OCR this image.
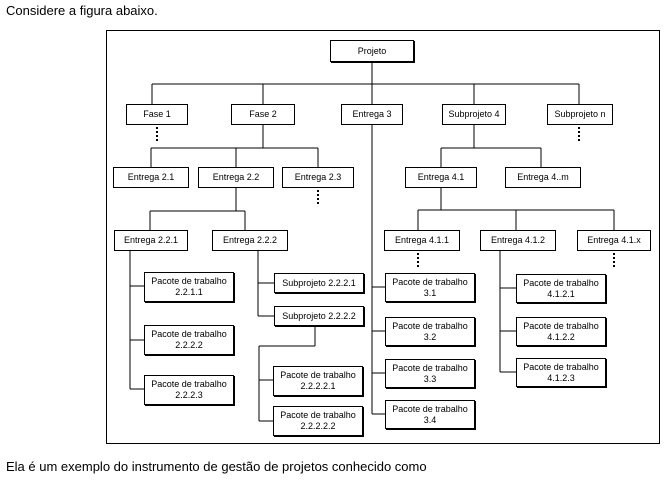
Considere a figura abaixo.
Projeto
Fase 1	Fase 2	Entrega 3	Subprojeto 4	Subprojeto n
Entrega 2.1	Entrega 2.2	Entrega 2.3
Entrega 2.2.1	Entrega 2.2.2
Pacote de trabalho
2.2.1.1
Pacote de trabalho
2.2.2.2
Pacote de trabalho
2.2.2.3
Subprojeto 2.2.2.1
Subprojeto 2.2.2.2
Pacote de trabalho
2.2.2.2.1
Pacote de trabalho
2.2.2.2.2
Pacote de trabalho
3.1
Pacote de trabalho
3.2
Pacote de trabalho
3.3
Pacote de trabalho
3.4
Entrega 4.1	Entrega 4..m
Entrega 4.1.1	Entrega 4.1.2	Entrega 4.1.x
Pacote de trabalho
4.1.2.1
Pacote de trabalho
4.1.2.2
Pacote de trabalho
4.1.2.3
Ela é um exemplo do instrumento de gestão de projetos conhecido como
